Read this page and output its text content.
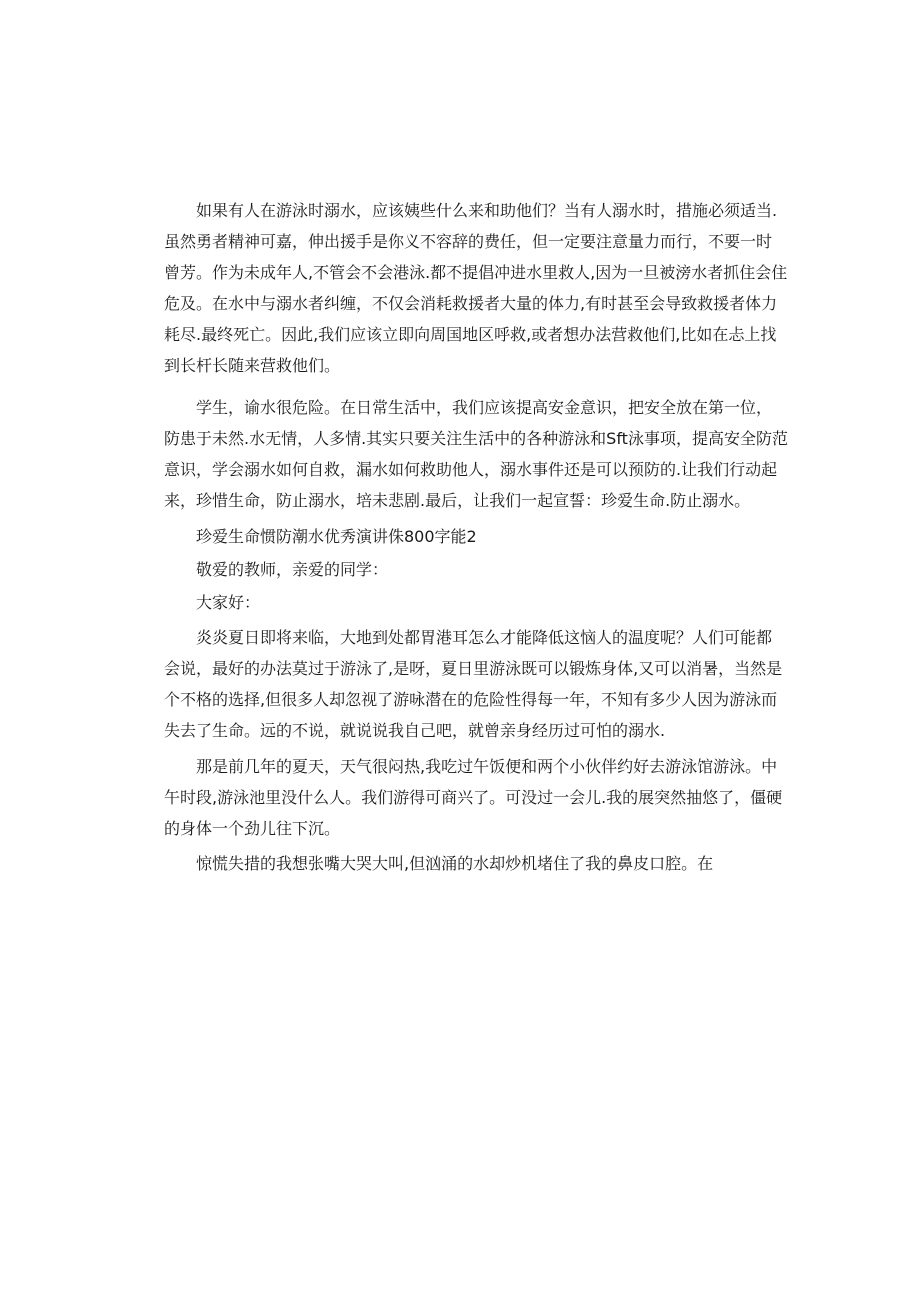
如果有人在游泳时溺水，应该姨些什么来和助他们？当有人溺水时，措施必须适当.
虽然勇者精神可嘉，伸出援手是你义不容辞的费任，但一定要注意量力而行，不要一时
曾芳。作为未成年人,不管会不会港泳.都不提倡冲进水里救人,因为一旦被滂水者抓住会住
危及。在水中与溺水者纠缠，不仅会消耗救援者大量的体力,有时甚至会导致救援者体力
耗尽.最终死亡。因此,我们应该立即向周国地区呼救,或者想办法营救他们,比如在忐上找
到长杆长随来营救他们。
学生，谕水很危险。在日常生活中，我们应该提高安金意识，把安全放在第一位，
防患于未然.水无情，人多情.其实只要关注生活中的各种游泳和Sft泳事项，提高安全防范
意识，学会溺水如何自救，漏水如何救助他人，溺水事件还是可以预防的.让我们行动起
来，珍惜生命，防止溺水，培未悲剧.最后，让我们一起宣誓：珍爱生命.防止溺水。
珍爱生命惯防潮水优秀演讲侏800字能2
敬爱的教师，亲爱的同学：
大家好：
炎炎夏日即将来临，大地到处都胃港耳怎么才能降低这恼人的温度呢？人们可能都
会说，最好的办法莫过于游泳了,是呀，夏日里游泳既可以锻炼身体,又可以消暑，当然是
个不格的选择,但很多人却忽视了游咏潜在的危险性得每一年，不知有多少人因为游泳而
失去了生命。远的不说，就说说我自己吧，就曾亲身经历过可怕的溺水.
那是前几年的夏天，天气很闷热,我吃过午饭便和两个小伙伴约好去游泳馆游泳。中
午时段,游泳池里没什么人。我们游得可商兴了。可没过一会儿.我的展突然抽悠了，僵硬
的身体一个劲儿往下沉。
惊慌失措的我想张嘴大哭大叫,但汹涌的水却炒机堵住了我的鼻皮口腔。在
